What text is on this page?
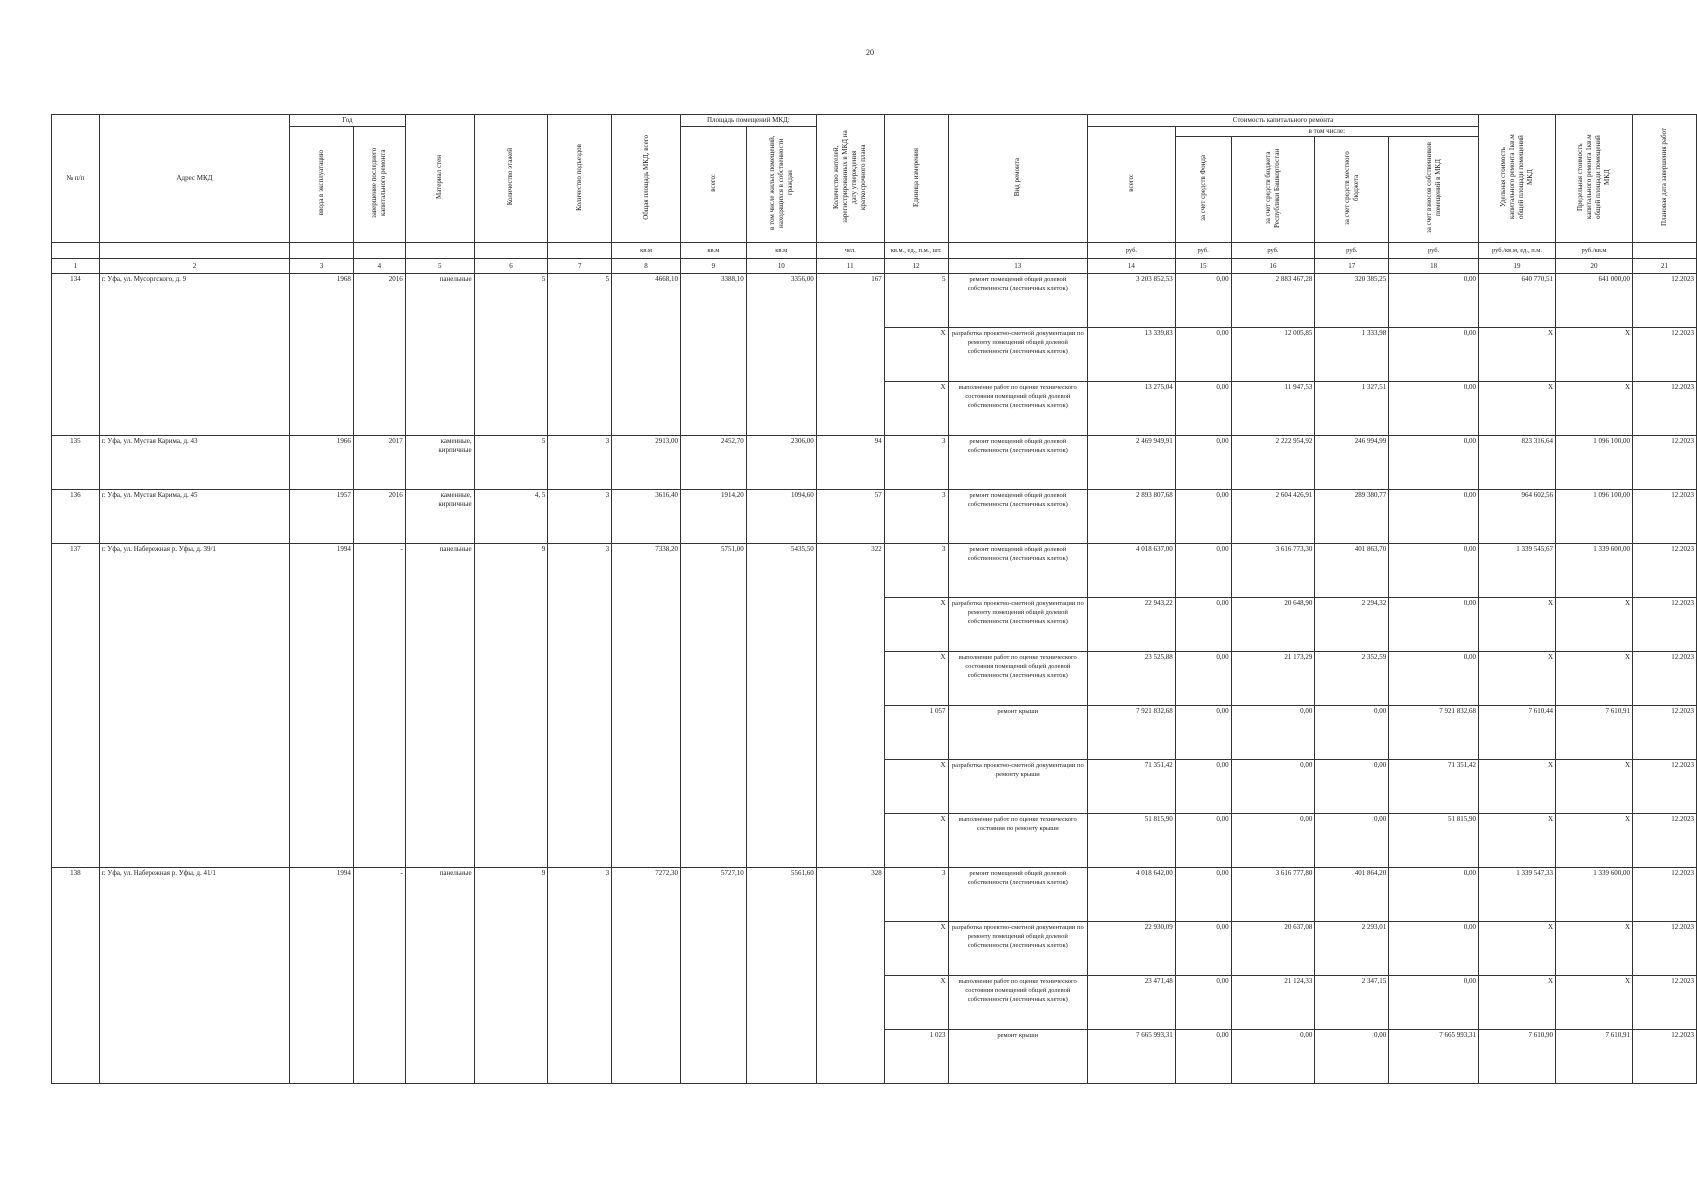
20
№ п/п	Адрес МКД	Год		Материал стен	Количество этажей	Количество подъездов	Общая площадь МКД, всего	Площадь помещений МКД:		Количество жителей, зарегистрированных в МКД на дату утверждения краткосрочного плана	Единица измерения	Вид ремонта	Стоимость капитального ремонта					Удельная стоимость капитального ремонта 1кв.м общей площади помещений МКД	Предельная стоимость капитального ремонта 1кв.м общей площади помещений МКД	Плановая дата завершения работ
		ввода в эксплуатацию	завершение последнего капитального ремонта					всего:	в том числе жилых помещений, находящихся в собственности граждан				всего:	в том числе:						
														за счет средств Фонда	за счет средств бюджета Республики Башкортостан	за счет средств местного бюджета	за счет взносов собственников помещений в МКД			
							кв.м	кв.м	кв.м	чел.	кв.м., ед., п.м., шт.		руб.	руб.	руб.	руб.	руб.	руб./кв.м, ед., п.м.	руб./кв.м	
1	2	3	4	5	6	7	8	9	10	11	12	13	14	15	16	17	18	19	20	21
134	г. Уфа, ул. Мусоргского, д. 9	1968	2016	панельные	5	5	4668,10	3388,10	3356,00	167	5	ремонт помещений общей долевой собственности (лестничных клеток)	3 203 852,53	0,00	2 883 467,28	320 385,25	0,00	640 770,51	641 000,00	12.2023
											Х	разработка проектно-сметной документации по ремонту помещений общей долевой собственности (лестничных клеток)	13 339,83	0,00	12 005,85	1 333,98	0,00	Х	Х	12.2023
											Х	выполнение работ по оценке технического состояния помещений общей долевой собственности (лестничных клеток)	13 275,04	0,00	11 947,53	1 327,51	0,00	Х	Х	12.2023
135	г. Уфа, ул. Мустая Карима, д. 43	1966	2017	каменные, кирпичные	5	3	2913,00	2452,70	2306,00	94	3	ремонт помещений общей долевой собственности (лестничных клеток)	2 469 949,91	0,00	2 222 954,92	246 994,99	0,00	823 316,64	1 096 100,00	12.2023
136	г. Уфа, ул. Мустая Карима, д. 45	1957	2016	каменные, кирпичные	4, 5	3	3616,40	1914,20	1094,60	57	3	ремонт помещений общей долевой собственности (лестничных клеток)	2 893 807,68	0,00	2 604 426,91	289 380,77	0,00	964 602,56	1 096 100,00	12.2023
137	г. Уфа, ул. Набережная р. Уфы, д. 39/1	1994	-	панельные	9	3	7338,20	5751,00	5435,50	322	3	ремонт помещений общей долевой собственности (лестничных клеток)	4 018 637,00	0,00	3 616 773,30	401 863,70	0,00	1 339 545,67	1 339 600,00	12.2023
											Х	разработка проектно-сметной документации по ремонту помещений общей долевой собственности (лестничных клеток)	22 943,22	0,00	20 648,90	2 294,32	0,00	Х	Х	12.2023
											Х	выполнение работ по оценке технического состояния помещений общей долевой собственности (лестничных клеток)	23 525,88	0,00	21 173,29	2 352,59	0,00	Х	Х	12.2023
											1 057	ремонт крыши	7 921 832,68	0,00	0,00	0,00	7 921 832,68	7 610,44	7 610,91	12.2023
											Х	разработка проектно-сметной документации по ремонту крыши	71 351,42	0,00	0,00	0,00	71 351,42	Х	Х	12.2023
											Х	выполнение работ по оценке технического состояния по ремонту крыши	51 815,90	0,00	0,00	0,00	51 815,90	Х	Х	12.2023
138	г. Уфа, ул. Набережная р. Уфы, д. 41/1	1994	-	панельные	9	3	7272,30	5727,10	5561,60	328	3	ремонт помещений общей долевой собственности (лестничных клеток)	4 018 642,00	0,00	3 616 777,80	401 864,20	0,00	1 339 547,33	1 339 600,00	12.2023
											Х	разработка проектно-сметной документации по ремонту помещений общей долевой собственности (лестничных клеток)	22 930,09	0,00	20 637,08	2 293,01	0,00	Х	Х	12.2023
											Х	выполнение работ по оценке технического состояния помещений общей долевой собственности (лестничных клеток)	23 471,48	0,00	21 124,33	2 347,15	0,00	Х	Х	12.2023
											1 023	ремонт крыши	7 665 993,31	0,00	0,00	0,00	7 665 993,31	7 610,90	7 610,91	12.2023
